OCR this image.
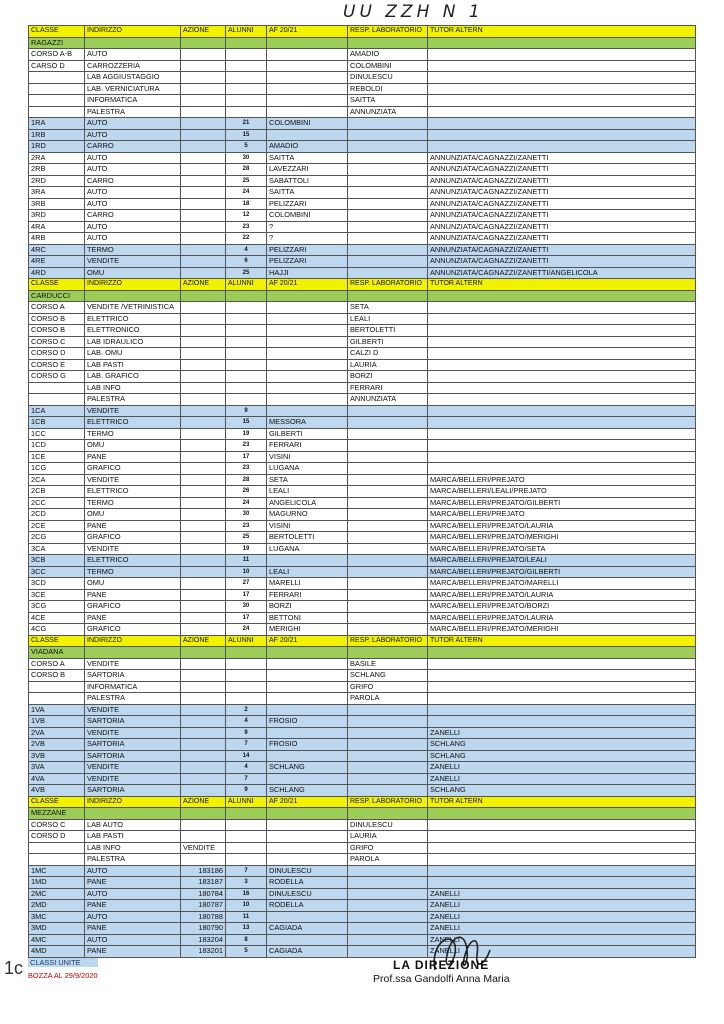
UU ZZH N 1
CLASSE	INDIRIZZO	AZIONE	ALUNNI	AF 20/21	RESP. LABORATORIO	TUTOR ALTERN
RAGAZZI						
CORSO A-B	AUTO				AMADIO	
CARSO D	CARROZZERIA				COLOMBINI	
	LAB AGGIUSTAGGIO				DINULESCU	
	LAB. VERNICIATURA				REBOLDI	
	INFORMATICA				SAITTA	
	PALESTRA				ANNUNZIATA	
1RA	AUTO		21	COLOMBINI		
1RB	AUTO		15			
1RD	CARRO		5	AMADIO		
2RA	AUTO		30	SAITTA		ANNUNZIATA/CAGNAZZI/ZANETTI
2RB	AUTO		28	LAVEZZARI		ANNUNZIATA/CAGNAZZI/ZANETTI
2RD	CARRO		25	SABATTOLI		ANNUNZIATA/CAGNAZZI/ZANETTI
3RA	AUTO		24	SAITTA		ANNUNZIATA/CAGNAZZI/ZANETTI
3RB	AUTO		18	PELIZZARI		ANNUNZIATA/CAGNAZZI/ZANETTI
3RD	CARRO		12	COLOMBINI		ANNUNZIATA/CAGNAZZI/ZANETTI
4RA	AUTO		23	?		ANNUNZIATA/CAGNAZZI/ZANETTI
4RB	AUTO		22	?		ANNUNZIATA/CAGNAZZI/ZANETTI
4RC	TERMO		4	PELIZZARI		ANNUNZIATA/CAGNAZZI/ZANETTI
4RE	VENDITE		6	PELIZZARI		ANNUNZIATA/CAGNAZZI/ZANETTI
4RD	OMU		25	HAJJI		ANNUNZIATA/CAGNAZZI/ZANETTI/ANGELICOLA
CLASSE	INDIRIZZO	AZIONE	ALUNNI	AF 20/21	RESP. LABORATORIO	TUTOR ALTERN
CARDUCCI						
CORSO A	VENDITE /VETRINISTICA				SETA	
CORSO B	ELETTRICO				LEALI	
CORSO B	ELETTRONICO				BERTOLETTI	
CORSO C	LAB IDRAULICO				GILBERTI	
CORSO D	LAB. OMU				CALZI D	
CORSO E	LAB PASTI				LAURIA	
CORSO G	LAB. GRAFICO				BORZI	
	LAB INFO				FERRARI	
	PALESTRA				ANNUNZIATA	
1CA	VENDITE		9			
1CB	ELETTRICO		15	MESSORA		
1CC	TERMO		19	GILBERTI		
1CD	OMU		23	FERRARI		
1CE	PANE		17	VISINI		
1CG	GRAFICO		23	LUGANA		
2CA	VENDITE		28	SETA		MARCA/BELLERI/PREJATO
2CB	ELETTRICO		26	LEALI		MARCA/BELLERI/LEALI/PREJATO
2CC	TERMO		24	ANGELICOLA		MARCA/BELLERI/PREJATO/GILBERTI
2CD	OMU		30	MAGURNO		MARCA/BELLERI/PREJATO
2CE	PANE		23	VISINI		MARCA/BELLERI/PREJATO/LAURIA
2CG	GRAFICO		25	BERTOLETTI		MARCA/BELLERI/PREJATO/MERIGHI
3CA	VENDITE		19	LUGANA		MARCA/BELLERI/PREJATO/SETA
3CB	ELETTRICO		11			MARCA/BELLERI/PREJATO/LEALI
3CC	TERMO		10	LEALI		MARCA/BELLERI/PREJATO/GILBERTI
3CD	OMU		27	MARELLI		MARCA/BELLERI/PREJATO/MARELLI
3CE	PANE		17	FERRARI		MARCA/BELLERI/PREJATO/LAURIA
3CG	GRAFICO		30	BORZI		MARCA/BELLERI/PREJATO/BORZI
4CE	PANE		17	BETTONI		MARCA/BELLERI/PREJATO/LAURIA
4CG	GRAFICO		24	MERIGHI		MARCA/BELLERI/PREJATO/MERIGHI
CLASSE	INDIRIZZO	AZIONE	ALUNNI	AF 20/21	RESP. LABORATORIO	TUTOR ALTERN
VIADANA						
CORSO A	VENDITE				BASILE	
CORSO B	SARTORIA				SCHLANG	
	INFORMATICA				GRIFO	
	PALESTRA				PAROLA	
1VA	VENDITE		2			
1VB	SARTORIA		4	FROSIO		
2VA	VENDITE		9			ZANELLI
2VB	SARTORIA		7	FROSIO		SCHLANG
3VB	SARTORIA		14			SCHLANG
3VA	VENDITE		4	SCHLANG		ZANELLI
4VA	VENDITE		7			ZANELLI
4VB	SARTORIA		9	SCHLANG		SCHLANG
CLASSE	INDIRIZZO	AZIONE	ALUNNI	AF 20/21	RESP. LABORATORIO	TUTOR ALTERN
MEZZANE						
CORSO C	LAB AUTO				DINULESCU	
CORSO D	LAB PASTI				LAURIA	
	LAB INFO	VENDITE			GRIFO	
	PALESTRA				PAROLA	
1MC	AUTO	183186	7	DINULESCU		
1MD	PANE	183187	3	RODELLA		
2MC	AUTO	180784	16	DINULESCU		ZANELLI
2MD	PANE	180787	10	RODELLA		ZANELLI
3MC	AUTO	180788	11			ZANELLI
3MD	PANE	180790	13	CAGIADA		ZANELLI
4MC	AUTO	183204	8			ZANELLI
4MD	PANE	183201	5	CAGIADA		ZANELLI
1c CLASSI UNITE
BOZZA AL 29/9/2020
LA DIREZIONE
Prof.ssa Gandolfi Anna Maria
